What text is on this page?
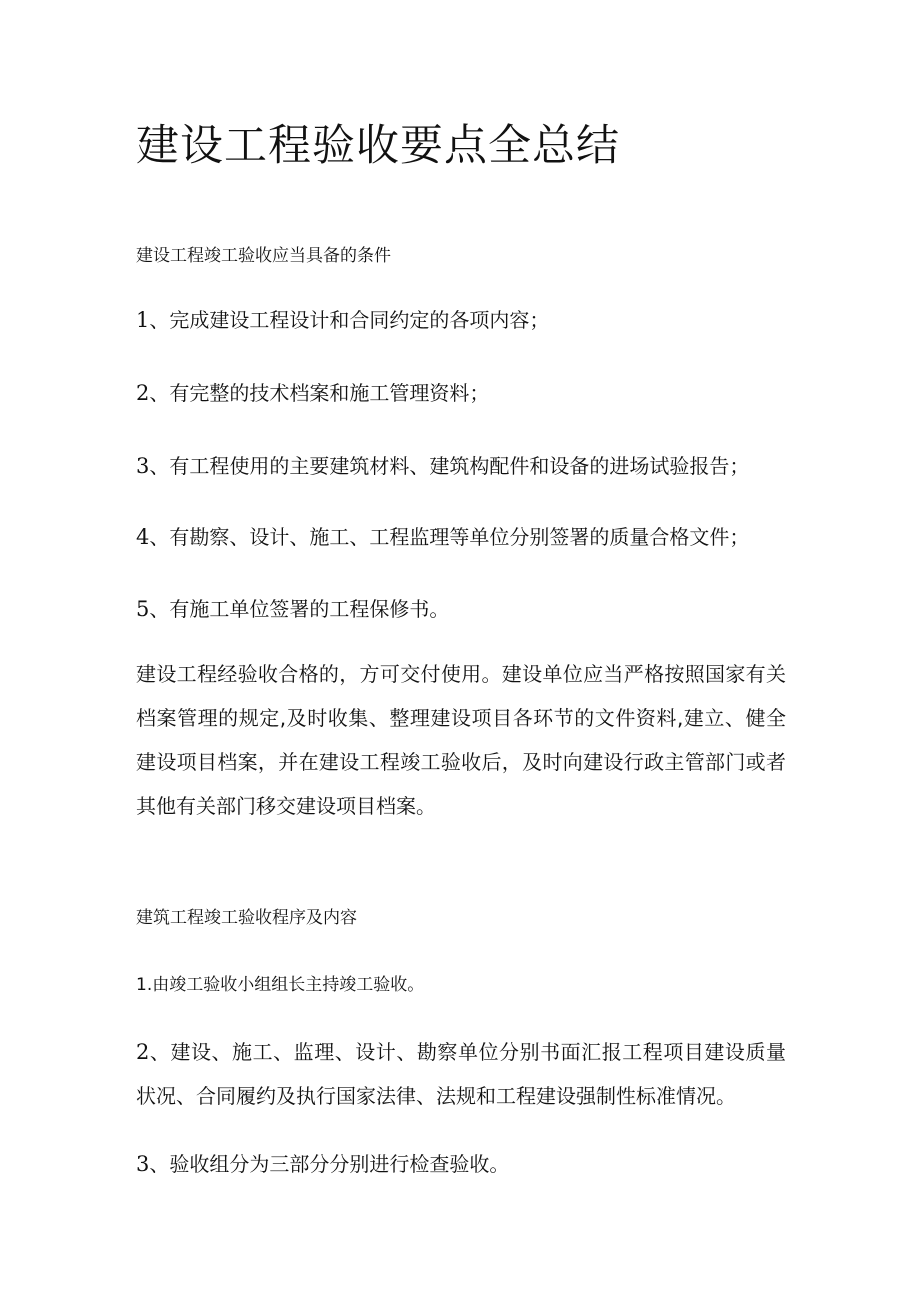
建设工程验收要点全总结

建设工程竣工验收应当具备的条件

1、完成建设工程设计和合同约定的各项内容；

2、有完整的技术档案和施工管理资料；

3、有工程使用的主要建筑材料、建筑构配件和设备的进场试验报告；

4、有勘察、设计、施工、工程监理等单位分别签署的质量合格文件；

5、有施工单位签署的工程保修书。

建设工程经验收合格的，方可交付使用。建设单位应当严格按照国家有关档案管理的规定,及时收集、整理建设项目各环节的文件资料,建立、健全建设项目档案，并在建设工程竣工验收后，及时向建设行政主管部门或者其他有关部门移交建设项目档案。

建筑工程竣工验收程序及内容

1.由竣工验收小组组长主持竣工验收。

2、建设、施工、监理、设计、勘察单位分别书面汇报工程项目建设质量状况、合同履约及执行国家法律、法规和工程建设强制性标准情况。

3、验收组分为三部分分别进行检查验收。
